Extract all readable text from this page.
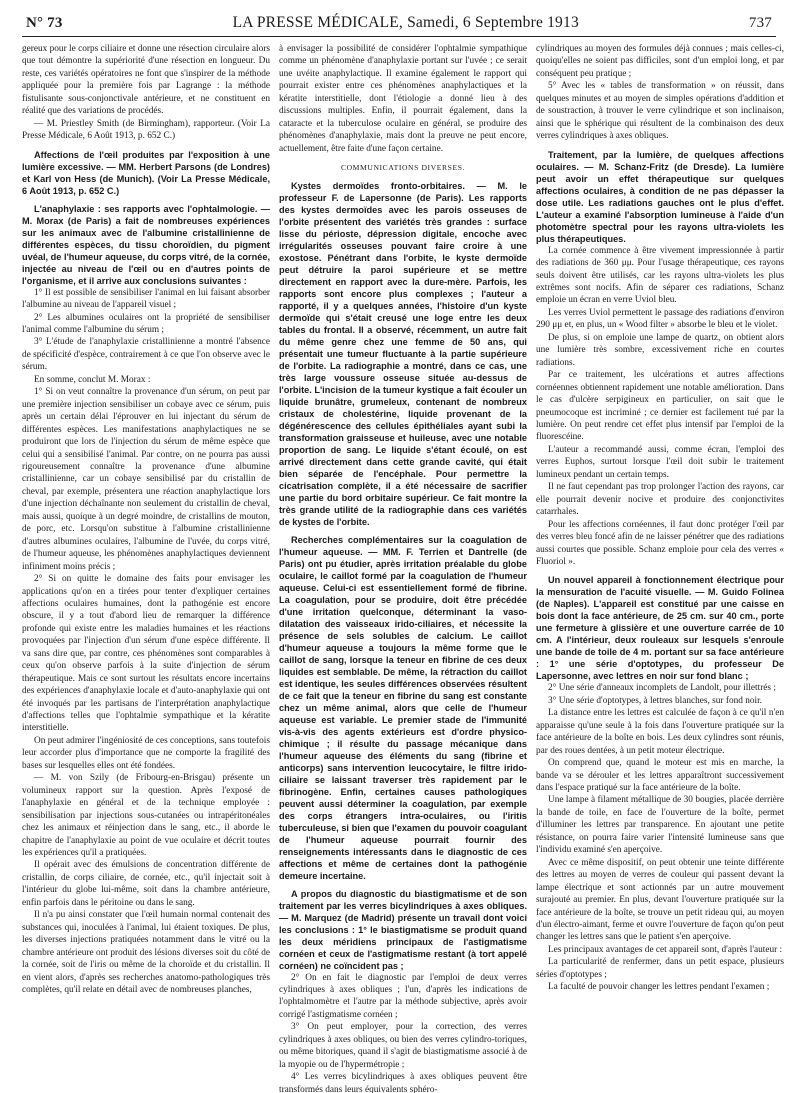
N° 73	LA PRESSE MÉDICALE, Samedi, 6 Septembre 1913	737

gereux pour le corps ciliaire et donne une résection circulaire alors que tout démontre la supériorité d'une résection en longueur. Du reste, ces variétés opératoires ne font que s'inspirer de la méthode appliquée pour la première fois par Lagrange : la méthode fistulisante sous-conjonctivale antérieure, et ne constituent en réalité que des variations de procédés.

— M. Priestley Smith (de Birmingham), rapporteur. (Voir La Presse Médicale, 6 Août 1913, p. 652 C.)

Affections de l'œil produites par l'exposition à une lumière excessive. — MM. Herbert Parsons (de Londres) et Karl von Hess (de Munich). (Voir La Presse Médicale, 6 Août 1913, p. 652 C.)

L'anaphylaxie : ses rapports avec l'ophtalmologie. — M. Morax (de Paris) a fait de nombreuses expériences sur les animaux avec de l'albumine cristallinienne de différentes espèces, du tissu choroïdien, du pigment uvéal, de l'humeur aqueuse, du corps vitré, de la cornée, injectée au niveau de l'œil ou en d'autres points de l'organisme, et il arrive aux conclusions suivantes :

1° Il est possible de sensibiliser l'animal en lui faisant absorber l'albumine au niveau de l'appareil visuel ;

2° Les albumines oculaires ont la propriété de sensibiliser l'animal comme l'albumine du sérum ;

3° L'étude de l'anaphylaxie cristallinienne a montré l'absence de spécificité d'espèce, contrairement à ce que l'on observe avec le sérum.

En somme, conclut M. Morax :

1° Si on veut connaître la provenance d'un sérum, on peut par une première injection sensibiliser un cobaye avec ce sérum, puis après un certain délai l'éprouver en lui injectant du sérum de différentes espèces. Les manifestations anaphylactiques ne se produiront que lors de l'injection du sérum de même espèce que celui qui a sensibilisé l'animal. Par contre, on ne pourra pas aussi rigoureusement connaître la provenance d'une albumine cristallinienne, car un cobaye sensibilisé par du cristallin de cheval, par exemple, présentera une réaction anaphylactique lors d'une injection déchaînante non seulement du cristallin de cheval, mais aussi, quoique à un degré moindre, de cristallins de mouton, de porc, etc. Lorsqu'on substitue à l'albumine cristallinienne d'autres albumines oculaires, l'albumine de l'uvée, du corps vitré, de l'humeur aqueuse, les phénomènes anaphylactiques deviennent infiniment moins précis ;

2° Si on quitte le domaine des faits pour envisager les applications qu'on en a tirées pour tenter d'expliquer certaines affections oculaires humaines, dont la pathogénie est encore obscure, il y a tout d'abord lieu de remarquer la différence profonde qui existe entre les maladies humaines et les réactions provoquées par l'injection d'un sérum d'une espèce différente. Il va sans dire que, par contre, ces phénomènes sont comparables à ceux qu'on observe parfois à la suite d'injection de sérum thérapeutique. Mais ce sont surtout les résultats encore incertains des expériences d'anaphylaxie locale et d'auto-anaphylaxie qui ont été invoqués par les partisans de l'interprétation anaphylactique d'affections telles que l'ophtalmie sympathique et la kératite interstitielle.

On peut admirer l'ingéniosité de ces conceptions, sans toutefois leur accorder plus d'importance que ne comporte la fragilité des bases sur lesquelles elles ont été fondées.

— M. von Szily (de Fribourg-en-Brisgau) présente un volumineux rapport sur la question. Après l'exposé de l'anaphylaxie en général et de la technique employée : sensibilisation par injections sous-cutanées ou intrapéritonéales chez les animaux et réinjection dans le sang, etc., il aborde le chapitre de l'anaphylaxie au point de vue oculaire et décrit toutes les expériences qu'il a pratiquées.

Il opérait avec des émulsions de concentration différente de cristallin, de corps ciliaire, de cornée, etc., qu'il injectait soit à l'intérieur du globe lui-même, soit dans la chambre antérieure, enfin parfois dans le péritoine ou dans le sang.

Il n'a pu ainsi constater que l'œil humain normal contenait des substances qui, inoculées à l'animal, lui étaient toxiques. De plus, les diverses injections pratiquées notamment dans le vitré ou la chambre antérieure ont produit des lésions diverses soit du côté de la cornée, soit de l'iris ou même de la choroïde et du cristallin. Il en vient alors, d'après ses recherches anatomo-pathologiques très complètes, qu'il relate en détail avec de nombreuses planches,

à envisager la possibilité de considérer l'ophtalmie sympathique comme un phénomène d'anaphylaxie portant sur l'uvée ; ce serait une uvéite anaphylactique. Il examine également le rapport qui pourrait exister entre ces phénomènes anaphylactiques et la kératite interstitielle, dont l'étiologie a donné lieu à des discussions multiples. Enfin, il pourrait également, dans la cataracte et la tuberculose oculaire en général, se produire des phénomènes d'anaphylaxie, mais dont la preuve ne peut encore, actuellement, être faite d'une façon certaine.

COMMUNICATIONS DIVERSES.

Kystes dermoïdes fronto-orbitaires. — M. le professeur F. de Lapersonne (de Paris). Les rapports des kystes dermoïdes avec les parois osseuses de l'orbite présentent des variétés très grandes : surface lisse du périoste, dépression digitale, encoche avec irrégularités osseuses pouvant faire croire à une exostose. Pénétrant dans l'orbite, le kyste dermoïde peut détruire la paroi supérieure et se mettre directement en rapport avec la dure-mère. Parfois, les rapports sont encore plus complexes ; l'auteur a rapporté, il y a quelques années, l'histoire d'un kyste dermoïde qui s'était creusé une loge entre les deux tables du frontal. Il a observé, récemment, un autre fait du même genre chez une femme de 50 ans, qui présentait une tumeur fluctuante à la partie supérieure de l'orbite. La radiographie a montré, dans ce cas, une très large voussure osseuse située au-dessus de l'orbite. L'incision de la tumeur kystique a fait écouler un liquide brunâtre, grumeleux, contenant de nombreux cristaux de cholestérine, liquide provenant de la dégénérescence des cellules épithéliales ayant subi la transformation graisseuse et huileuse, avec une notable proportion de sang. Le liquide s'étant écoulé, on est arrivé directement dans cette grande cavité, qui était bien séparée de l'encéphale. Pour permettre la cicatrisation complète, il a été nécessaire de sacrifier une partie du bord orbitaire supérieur. Ce fait montre la très grande utilité de la radiographie dans ces variétés de kystes de l'orbite.

Recherches complémentaires sur la coagulation de l'humeur aqueuse. — MM. F. Terrien et Dantrelle (de Paris) ont pu étudier, après irritation préalable du globe oculaire, le caillot formé par la coagulation de l'humeur aqueuse. Celui-ci est essentiellement formé de fibrine. La coagulation, pour se produire, doit être précédée d'une irritation quelconque, déterminant la vaso-dilatation des vaisseaux irido-ciliaires, et nécessite la présence de sels solubles de calcium. Le caillot d'humeur aqueuse a toujours la même forme que le caillot de sang, lorsque la teneur en fibrine de ces deux liquides est semblable. De même, la rétraction du caillot est identique, les seules différences observées résultent de ce fait que la teneur en fibrine du sang est constante chez un même animal, alors que celle de l'humeur aqueuse est variable. Le premier stade de l'immunité vis-à-vis des agents extérieurs est d'ordre physico-chimique ; il résulte du passage mécanique dans l'humeur aqueuse des éléments du sang (fibrine et anticorps) sans intervention leucocytaire, le filtre irido-ciliaire se laissant traverser très rapidement par le fibrinogène. Enfin, certaines causes pathologiques peuvent aussi déterminer la coagulation, par exemple des corps étrangers intra-oculaires, ou l'iritis tuberculeuse, si bien que l'examen du pouvoir coagulant de l'humeur aqueuse pourrait fournir des renseignements intéressants dans le diagnostic de ces affections et même de certaines dont la pathogénie demeure incertaine.

A propos du diagnostic du biastigmatisme et de son traitement par les verres bicylindriques à axes obliques. — M. Marquez (de Madrid) présente un travail dont voici les conclusions : 1° le biastigmatisme se produit quand les deux méridiens principaux de l'astigmatisme cornéen et ceux de l'astigmatisme restant (à tort appelé cornéen) ne coïncident pas ;

2° On en fait le diagnostic par l'emploi de deux verres cylindriques à axes obliques ; l'un, d'après les indications de l'ophtalmomètre et l'autre par la méthode subjective, après avoir corrigé l'astigmatisme cornéen ;

3° On peut employer, pour la correction, des verres cylindriques à axes obliques, ou bien des verres cylindro-toriques, ou même bitoriques, quand il s'agit de biastigmatisme associé à de la myopie ou de l'hypermétropie ;

4° Les verres bicylindriques à axes obliques peuvent être transformés dans leurs équivalents sphéro-

cylindriques au moyen des formules déjà connues ; mais celles-ci, quoiqu'elles ne soient pas difficiles, sont d'un emploi long, et par conséquent peu pratique ;

5° Avec les « tables de transformation » on réussit, dans quelques minutes et au moyen de simples opérations d'addition et de soustraction, à trouver le verre cylindrique et son inclinaison, ainsi que le sphérique qui résultent de la combinaison des deux verres cylindriques à axes obliques.

Traitement, par la lumière, de quelques affections oculaires. — M. Schanz-Fritz (de Dresde). La lumière peut avoir un effet thérapeutique sur quelques affections oculaires, à condition de ne pas dépasser la dose utile. Les radiations gauches ont le plus d'effet. L'auteur a examiné l'absorption lumineuse à l'aide d'un photomètre spectral pour les rayons ultra-violets les plus thérapeutiques.

La cornée commence à être vivement impressionnée à partir des radiations de 360 μμ. Pour l'usage thérapeutique, ces rayons seuls doivent être utilisés, car les rayons ultra-violets les plus extrêmes sont nocifs. Afin de séparer ces radiations, Schanz emploie un écran en verre Uviol bleu.

Les verres Uviol permettent le passage des radiations d'environ 290 μμ et, en plus, un « Wood filter » absorbe le bleu et le violet.

De plus, si on emploie une lampe de quartz, on obtient alors une lumière très sombre, excessivement riche en courtes radiations.

Par ce traitement, les ulcérations et autres affections cornéennes obtiennent rapidement une notable amélioration. Dans le cas d'ulcère serpigineux en particulier, on sait que le pneumocoque est incriminé ; ce dernier est facilement tué par la lumière. On peut rendre cet effet plus intensif par l'emploi de la fluorescéine.

L'auteur a recommandé aussi, comme écran, l'emploi des verres Euphos, surtout lorsque l'œil doit subir le traitement lumineux pendant un certain temps.

Il ne faut cependant pas trop prolonger l'action des rayons, car elle pourrait devenir nocive et produire des conjonctivites catarrhales.

Pour les affections cornéennes, il faut donc protéger l'œil par des verres bleu foncé afin de ne laisser pénétrer que des radiations aussi courtes que possible. Schanz emploie pour cela des verres « Fluoriol ».

Un nouvel appareil à fonctionnement électrique pour la mensuration de l'acuité visuelle. — M. Guido Folinea (de Naples). L'appareil est constitué par une caisse en bois dont la face antérieure, de 25 cm. sur 40 cm., porte une fermeture à glissière et une ouverture carrée de 10 cm. A l'intérieur, deux rouleaux sur lesquels s'enroule une bande de toile de 4 m. portant sur sa face antérieure : 1° une série d'optotypes, du professeur De Lapersonne, avec lettres en noir sur fond blanc ;

2° Une série d'anneaux incomplets de Landolt, pour illettrés ;

3° Une série d'optotypes, à lettres blanches, sur fond noir.

La distance entre les lettres est calculée de façon à ce qu'il n'en apparaisse qu'une seule à la fois dans l'ouverture pratiquée sur la face antérieure de la boîte en bois. Les deux cylindres sont réunis, par des roues dentées, à un petit moteur électrique.

On comprend que, quand le moteur est mis en marche, la bande va se dérouler et les lettres apparaîtront successivement dans l'espace pratiqué sur la face antérieure de la boîte.

Une lampe à filament métallique de 30 bougies, placée derrière la bande de toile, en face de l'ouverture de la boîte, permet d'illuminer les lettres par transparence. En ajoutant une petite résistance, on pourra faire varier l'intensité lumineuse sans que l'individu examiné s'en aperçoive.

Avec ce même dispositif, on peut obtenir une teinte différente des lettres au moyen de verres de couleur qui passent devant la lampe électrique et sont actionnés par un autre mouvement surajouté au premier. En plus, devant l'ouverture pratiquée sur la face antérieure de la boîte, se trouve un petit rideau qui, au moyen d'un électro-aimant, ferme et ouvre l'ouverture de façon qu'on peut changer les lettres sans que le patient s'en aperçoive.

Les principaux avantages de cet appareil sont, d'après l'auteur :

La particularité de renfermer, dans un petit espace, plusieurs séries d'optotypes ;

La faculté de pouvoir changer les lettres pendant l'examen ;
